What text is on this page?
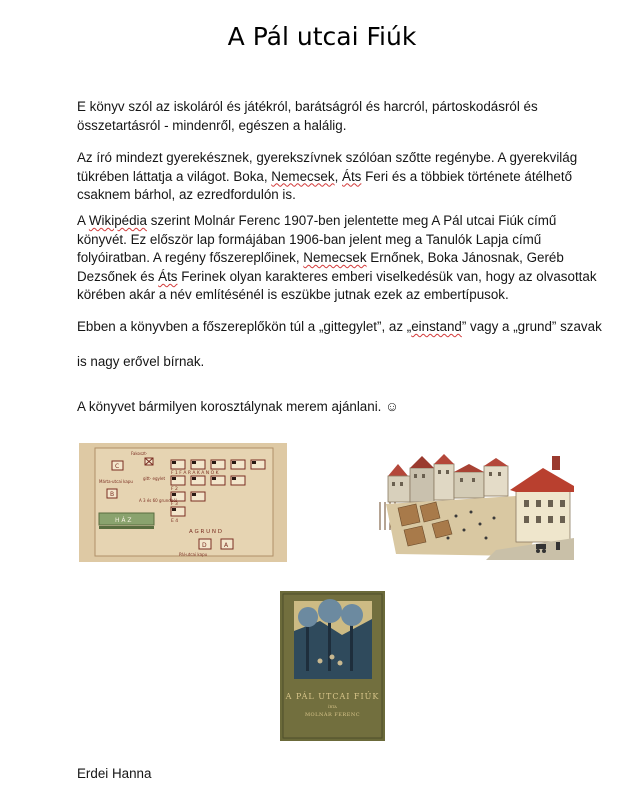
A Pál utcai Fiúk

E könyv szól az iskoláról és játékról, barátságról és harcról, pártoskodásról és összetartásról - mindenről, egészen a halálig.

Az író mindezt gyerekésznek, gyerekszívnek szólóan szőtte regénybe. A gyerekvilág tükrében láttatja a világot. Boka, Nemecsek, Áts Feri és a többiek története átélhető csaknem bárhol, az ezredfordulón is.

A Wikipédia szerint Molnár Ferenc 1907-ben jelentette meg A Pál utcai Fiúk című könyvét. Ez először lap formájában 1906-ban jelent meg a Tanulók Lapja című folyóiratban. A regény főszereplőinek, Nemecsek Ernőnek, Boka Jánosnak, Geréb Dezsőnek és Áts Ferinek olyan karakteres emberi viselkedésük van, hogy az olvasottak körében akár a név említésénél is eszükbe jutnak ezek az embertípusok.

Ebben a könyvben a főszereplőkön túl a „gittegylet”, az „einstand” vagy a „grund” szavak

is nagy erővel bírnak.

A könyvet bármilyen korosztálynak merem ajánlani. ☺

C
Fakoszt-
F 1 F A R A K A N O K
F 2
F 3
E 4
Márta-utcai kapu
B
gitt- egylet
A 3 és 60 grundból
H Á Z
A G R U N D
D	A
Pál-utcai kapu
A PÁL UTCAI FIÚK
ÍRTA
MOLNÁR FERENC
Erdei Hanna
